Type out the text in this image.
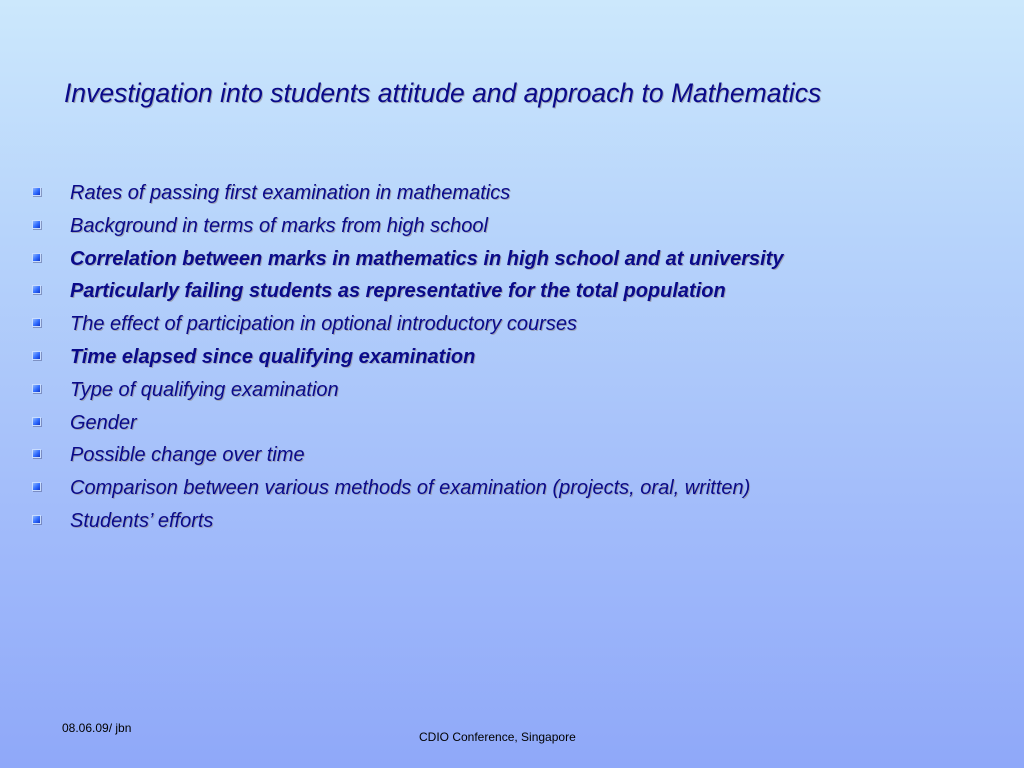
Investigation into students attitude and approach to Mathematics
Rates of passing first examination in mathematics
Background in terms of marks from high school
Correlation between marks in mathematics in high school and at university
Particularly failing students as representative for the total population
The effect of participation in optional introductory courses
Time elapsed since qualifying examination
Type of qualifying examination
Gender
Possible change over time
Comparison between various methods of examination (projects, oral, written)
Students’ efforts
08.06.09/ jbn
CDIO Conference, Singapore
